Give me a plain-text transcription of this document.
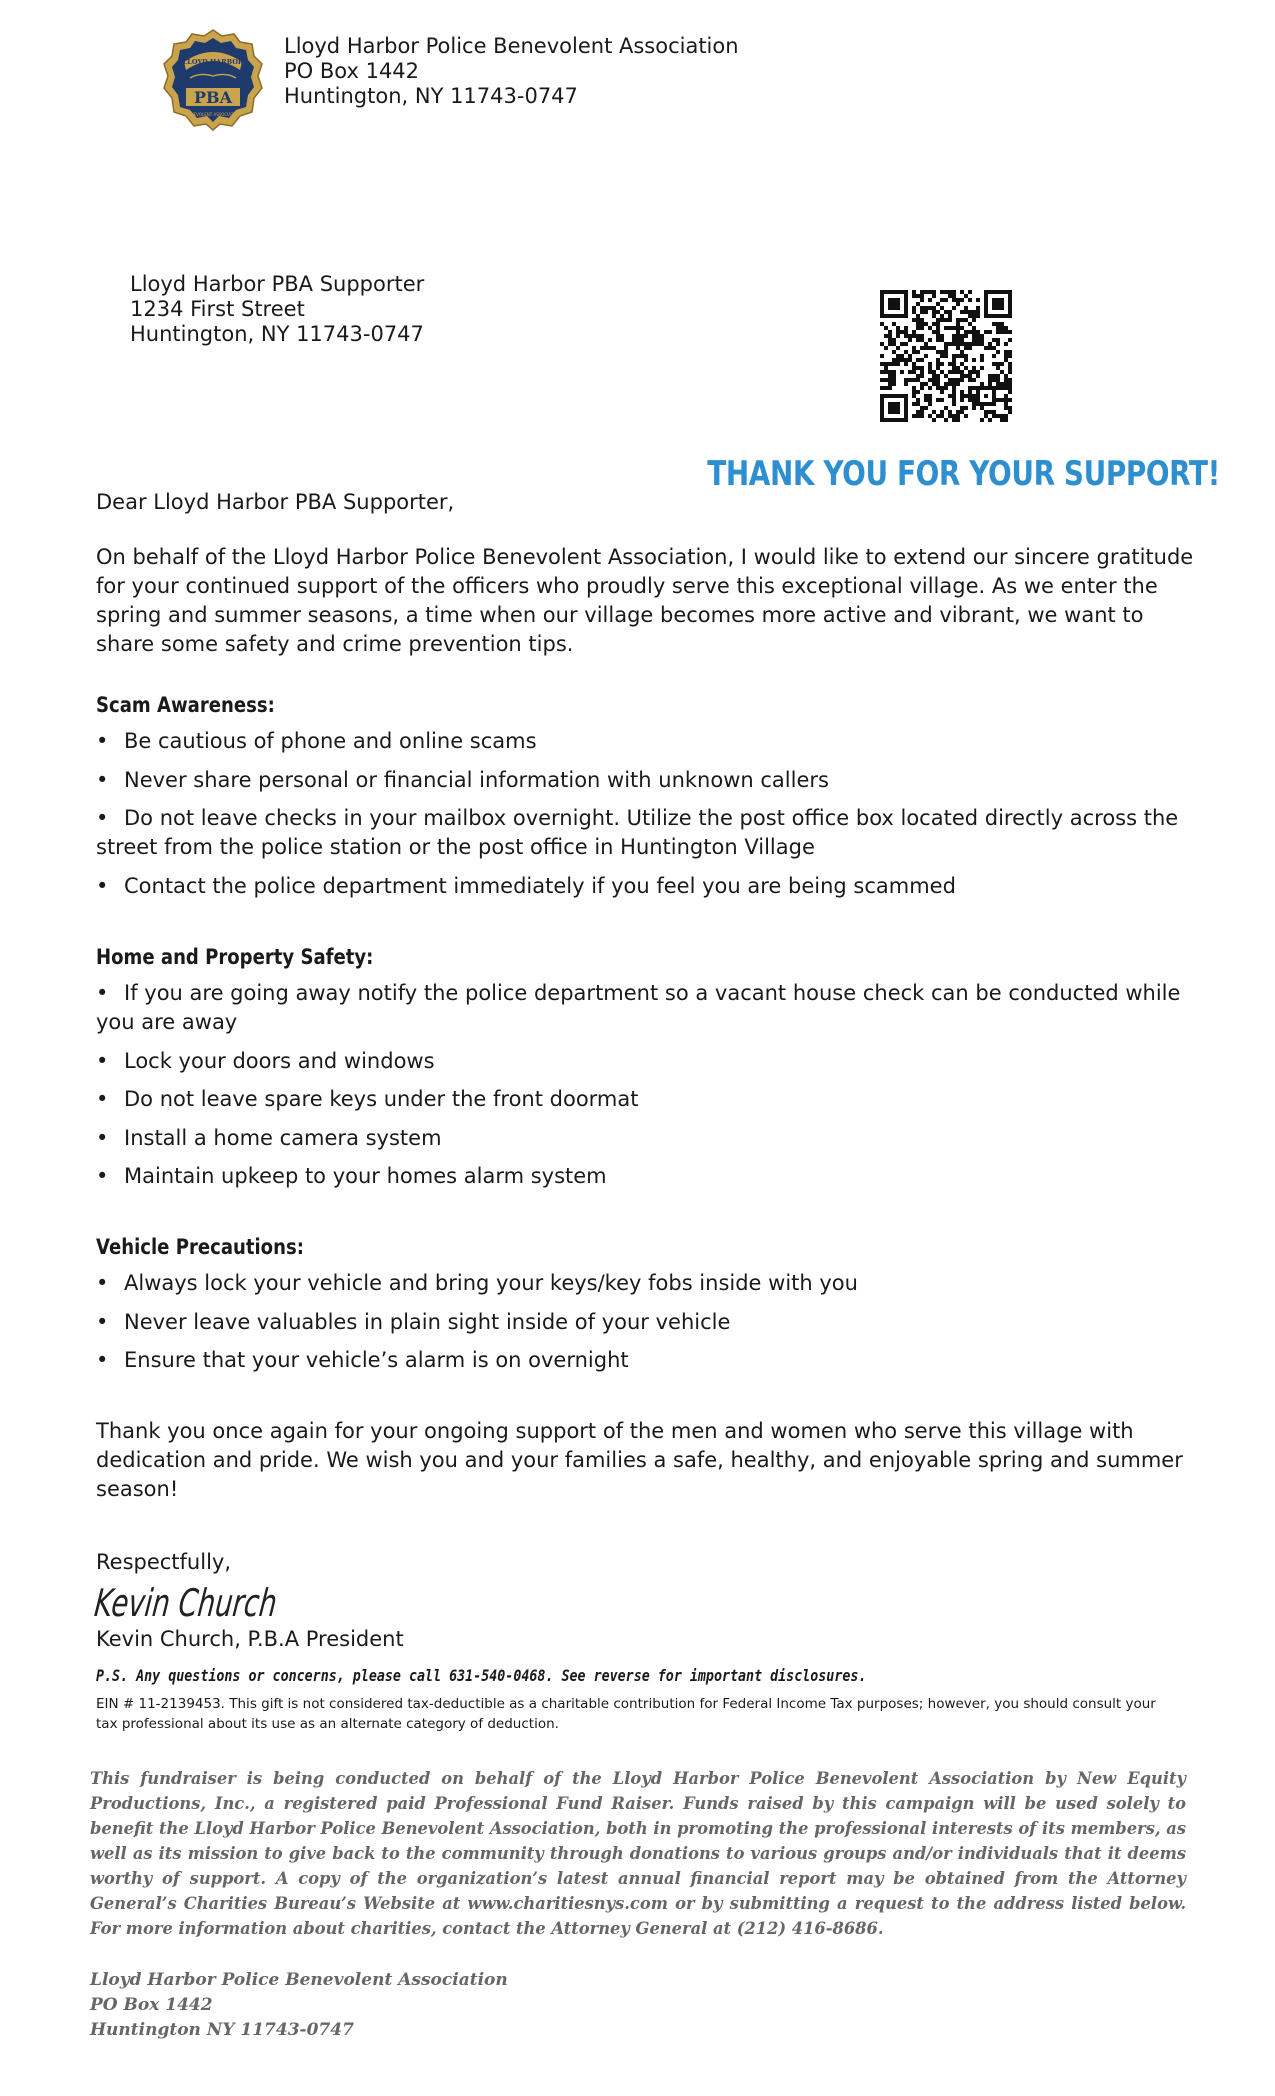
LLOYD HARBOR
PBA
BENEVOLENT ASSOCIATION
Lloyd Harbor Police Benevolent Association
PO Box 1442
Huntington, NY 11743-0747
Lloyd Harbor PBA Supporter
1234 First Street
Huntington, NY 11743-0747
THANK YOU FOR YOUR SUPPORT!
Dear Lloyd Harbor PBA Supporter,
On behalf of the Lloyd Harbor Police Benevolent Association, I would like to extend our sincere gratitude for your continued support of the officers who proudly serve this exceptional village. As we enter the spring and summer seasons, a time when our village becomes more active and vibrant, we want to share some safety and crime prevention tips.
Scam Awareness:
• Be cautious of phone and online scams
• Never share personal or financial information with unknown callers
• Do not leave checks in your mailbox overnight. Utilize the post office box located directly across the street from the police station or the post office in Huntington Village
• Contact the police department immediately if you feel you are being scammed
Home and Property Safety:
• If you are going away notify the police department so a vacant house check can be conducted while you are away
• Lock your doors and windows
• Do not leave spare keys under the front doormat
• Install a home camera system
• Maintain upkeep to your homes alarm system
Vehicle Precautions:
• Always lock your vehicle and bring your keys/key fobs inside with you
• Never leave valuables in plain sight inside of your vehicle
• Ensure that your vehicle’s alarm is on overnight
Thank you once again for your ongoing support of the men and women who serve this village with dedication and pride. We wish you and your families a safe, healthy, and enjoyable spring and summer season!
Respectfully,
Kevin Church
Kevin Church, P.B.A President
P.S. Any questions or concerns, please call 631-540-0468. See reverse for important disclosures.
EIN # 11-2139453. This gift is not considered tax-deductible as a charitable contribution for Federal Income Tax purposes; however, you should consult your tax professional about its use as an alternate category of deduction.
This fundraiser is being conducted on behalf of the Lloyd Harbor Police Benevolent Association by New Equity Productions, Inc., a registered paid Professional Fund Raiser. Funds raised by this campaign will be used solely to benefit the Lloyd Harbor Police Benevolent Association, both in promoting the professional interests of its members, as well as its mission to give back to the community through donations to various groups and/or individuals that it deems worthy of support. A copy of the organization’s latest annual financial report may be obtained from the Attorney General’s Charities Bureau’s Website at www.charitiesnys.com or by submitting a request to the address listed below. For more information about charities, contact the Attorney General at (212) 416-8686.
Lloyd Harbor Police Benevolent Association
PO Box 1442
Huntington NY 11743-0747
